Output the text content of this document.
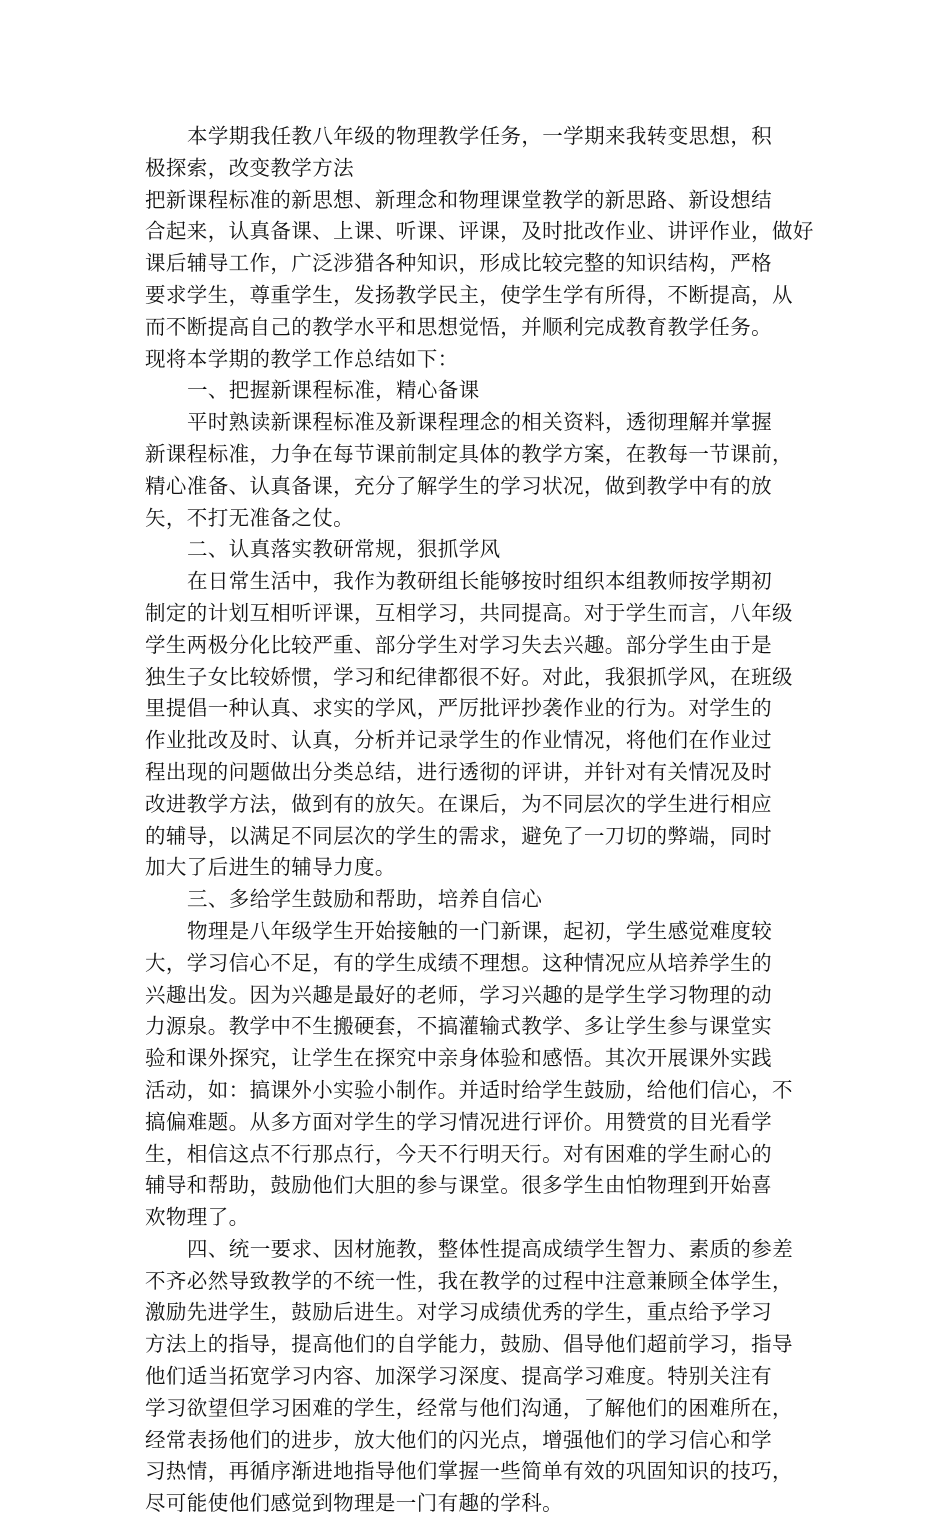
本学期我任教八年级的物理教学任务，一学期来我转变思想，积
极探索，改变教学方法
把新课程标准的新思想、新理念和物理课堂教学的新思路、新设想结
合起来，认真备课、上课、听课、评课，及时批改作业、讲评作业，做好
课后辅导工作，广泛涉猎各种知识，形成比较完整的知识结构，严格
要求学生，尊重学生，发扬教学民主，使学生学有所得，不断提高，从
而不断提高自己的教学水平和思想觉悟，并顺利完成教育教学任务。
现将本学期的教学工作总结如下：
一、把握新课程标准，精心备课
平时熟读新课程标准及新课程理念的相关资料，透彻理解并掌握
新课程标准，力争在每节课前制定具体的教学方案，在教每一节课前，
精心准备、认真备课，充分了解学生的学习状况，做到教学中有的放
矢，不打无准备之仗。
二、认真落实教研常规，狠抓学风
在日常生活中，我作为教研组长能够按时组织本组教师按学期初
制定的计划互相听评课，互相学习，共同提高。对于学生而言，八年级
学生两极分化比较严重、部分学生对学习失去兴趣。部分学生由于是
独生子女比较娇惯，学习和纪律都很不好。对此，我狠抓学风，在班级
里提倡一种认真、求实的学风，严厉批评抄袭作业的行为。对学生的
作业批改及时、认真，分析并记录学生的作业情况，将他们在作业过
程出现的问题做出分类总结，进行透彻的评讲，并针对有关情况及时
改进教学方法，做到有的放矢。在课后，为不同层次的学生进行相应
的辅导，以满足不同层次的学生的需求，避免了一刀切的弊端，同时
加大了后进生的辅导力度。
三、多给学生鼓励和帮助，培养自信心
物理是八年级学生开始接触的一门新课，起初，学生感觉难度较
大，学习信心不足，有的学生成绩不理想。这种情况应从培养学生的
兴趣出发。因为兴趣是最好的老师，学习兴趣的是学生学习物理的动
力源泉。教学中不生搬硬套，不搞灌输式教学、多让学生参与课堂实
验和课外探究，让学生在探究中亲身体验和感悟。其次开展课外实践
活动，如：搞课外小实验小制作。并适时给学生鼓励，给他们信心，不
搞偏难题。从多方面对学生的学习情况进行评价。用赞赏的目光看学
生，相信这点不行那点行，今天不行明天行。对有困难的学生耐心的
辅导和帮助，鼓励他们大胆的参与课堂。很多学生由怕物理到开始喜
欢物理了。
四、统一要求、因材施教，整体性提高成绩学生智力、素质的参差
不齐必然导致教学的不统一性，我在教学的过程中注意兼顾全体学生，
激励先进学生，鼓励后进生。对学习成绩优秀的学生，重点给予学习
方法上的指导，提高他们的自学能力，鼓励、倡导他们超前学习，指导
他们适当拓宽学习内容、加深学习深度、提高学习难度。特别关注有
学习欲望但学习困难的学生，经常与他们沟通，了解他们的困难所在，
经常表扬他们的进步，放大他们的闪光点，增强他们的学习信心和学
习热情，再循序渐进地指导他们掌握一些简单有效的巩固知识的技巧，
尽可能使他们感觉到物理是一门有趣的学科。
